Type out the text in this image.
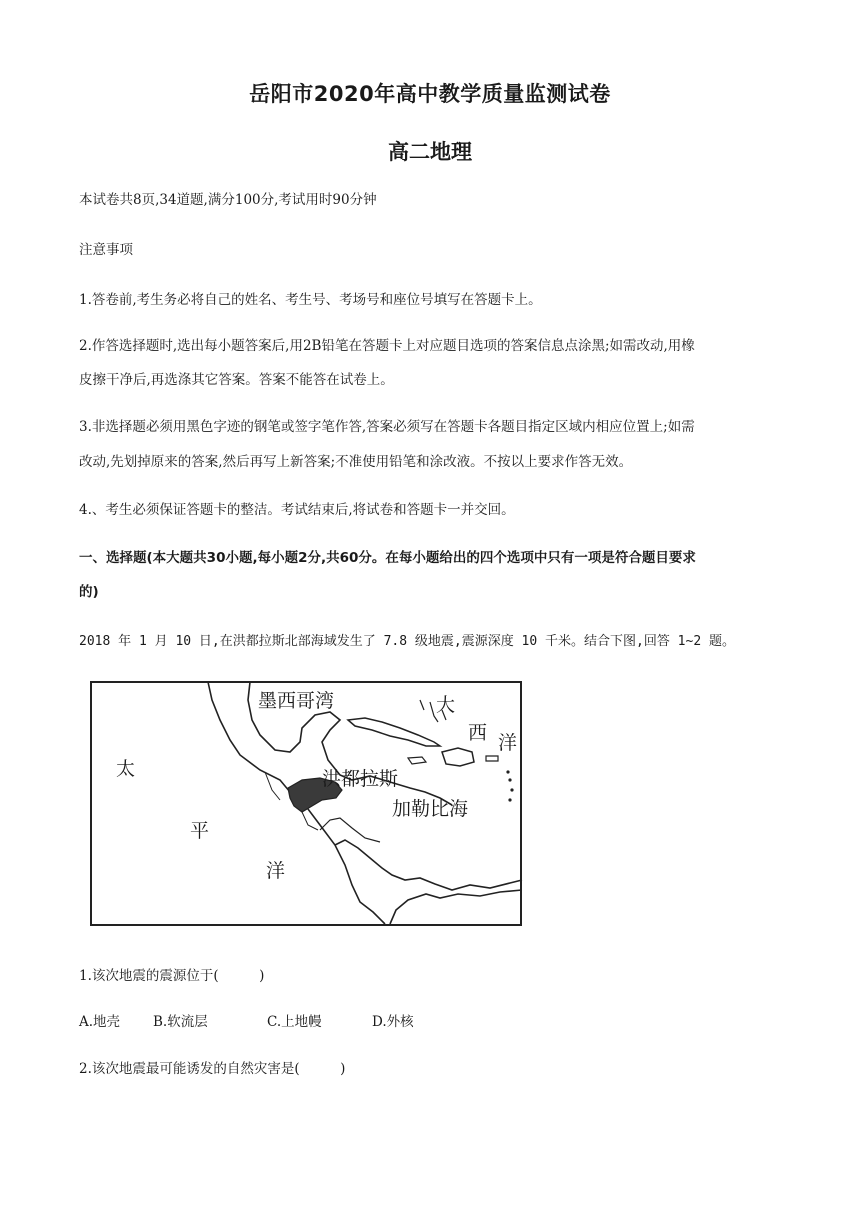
岳阳市2020年高中教学质量监测试卷
高二地理
本试卷共8页,34道题,满分100分,考试用时90分钟
注意事项
1.答卷前,考生务必将自己的姓名、考生号、考场号和座位号填写在答题卡上。
2.作答选择题时,选出每小题答案后,用2B铅笔在答题卡上对应题目选项的答案信息点涂黑;如需改动,用橡
皮擦干净后,再选涤其它答案。答案不能答在试卷上。
3.非选择题必须用黑色字迹的钢笔或签字笔作答,答案必须写在答题卡各题目指定区域内相应位置上;如需
改动,先划掉原来的答案,然后再写上新答案;不准使用铅笔和涂改液。不按以上要求作答无效。
4.、考生必须保证答题卡的整洁。考试结束后,将试卷和答题卡一并交回。
一、选择题(本大题共30小题,每小题2分,共60分。在每小题给出的四个选项中只有一项是符合题目要求
的)
2018 年 1 月 10 日,在洪都拉斯北部海域发生了 7.8 级地震,震源深度 10 千米。结合下图,回答 1~2 题。
墨西哥湾	大
西 洋
太
平
洋
洪都拉斯
加勒比海
1.该次地震的震源位于(　　　)
A.地壳 B.软流层	C.上地幔	D.外核
2.该次地震最可能诱发的自然灾害是(　　　)
